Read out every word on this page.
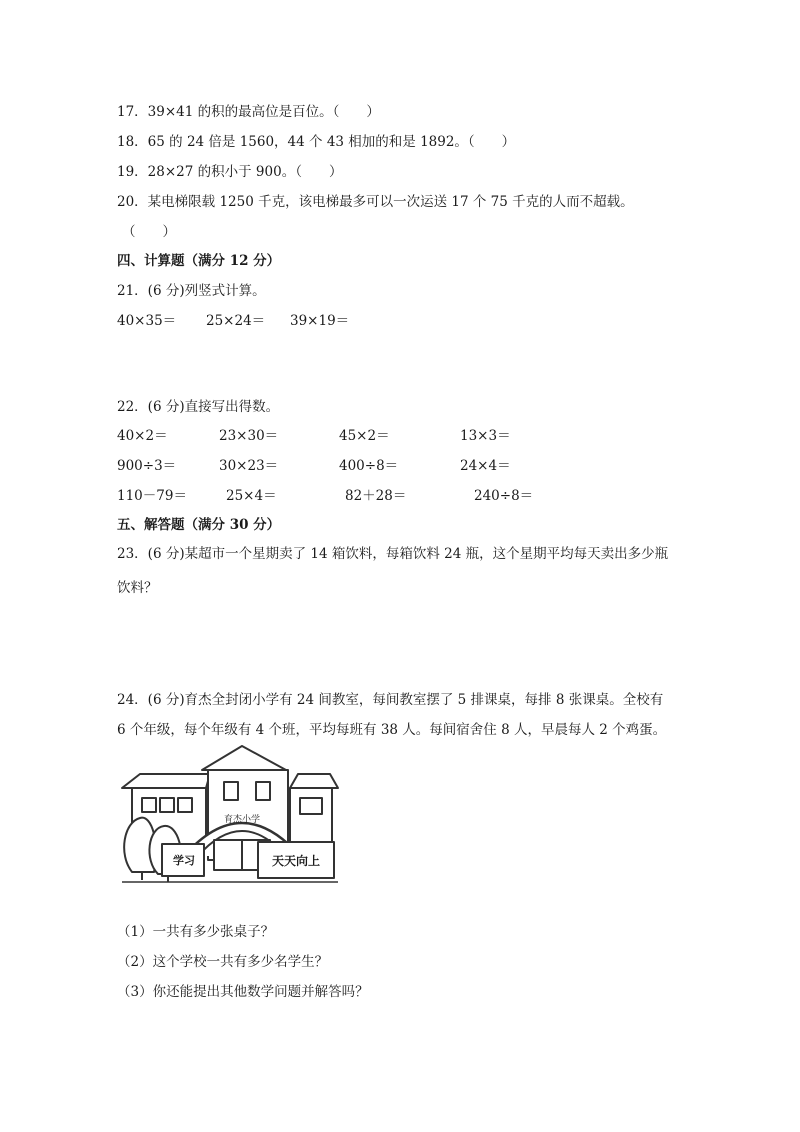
17．39×41 的积的最高位是百位。（　　）
18．65 的 24 倍是 1560，44 个 43 相加的和是 1892。（　　）
19．28×27 的积小于 900。（　　）
20．某电梯限载 1250 千克，该电梯最多可以一次运送 17 个 75 千克的人而不超载。
（　　）
四、计算题（满分 12 分）
21．(6 分)列竖式计算。
40×35＝ 25×24＝ 39×19＝
22．(6 分)直接写出得数。
40×2＝	23×30＝	45×2＝	13×3＝
900÷3＝	30×23＝	400÷8＝	24×4＝
110－79＝	25×4＝	82＋28＝	240÷8＝
五、解答题（满分 30 分）
23．(6 分)某超市一个星期卖了 14 箱饮料，每箱饮料 24 瓶，这个星期平均每天卖出多少瓶
饮料？
24．(6 分)育杰全封闭小学有 24 间教室，每间教室摆了 5 排课桌，每排 8 张课桌。全校有
6 个年级，每个年级有 4 个班，平均每班有 38 人。每间宿舍住 8 人，早晨每人 2 个鸡蛋。
育杰小学
学习	天天向上
（1）一共有多少张桌子？
（2）这个学校一共有多少名学生？
（3）你还能提出其他数学问题并解答吗？
